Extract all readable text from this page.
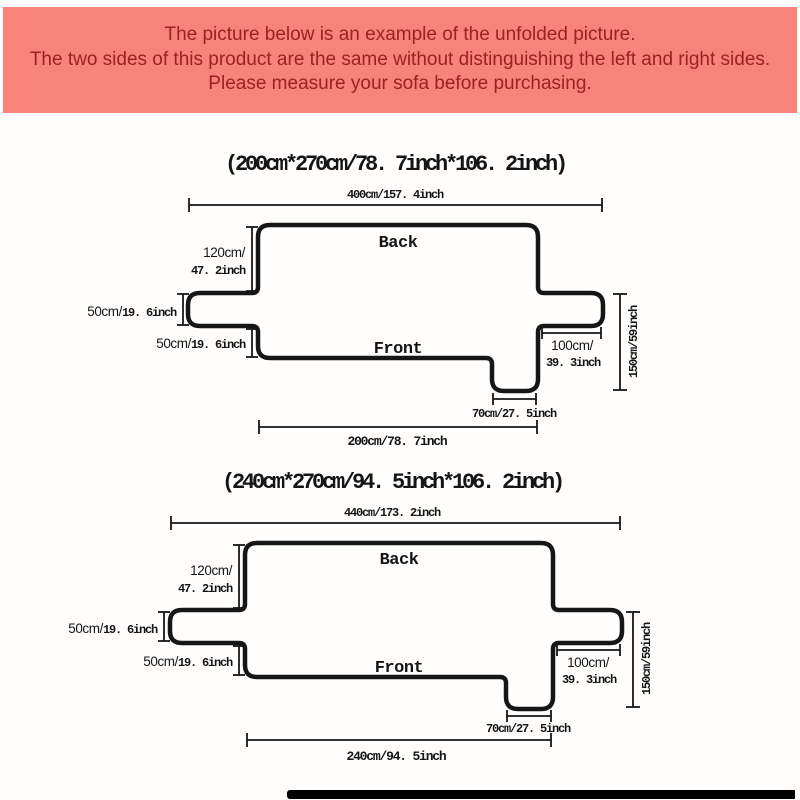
The picture below is an example of the unfolded picture.
The two sides of this product are the same without distinguishing the left and right sides.
Please measure your sofa before purchasing.
(200cm*270cm/78. 7inch*106. 2inch)
400cm/157. 4inch
Back
Front
120cm/
47. 2inch
50cm/19. 6inch
50cm/19. 6inch	100cm/
39. 3inch 150cm/59inch
70cm/27. 5inch
200cm/78. 7inch
(240cm*270cm/94. 5inch*106. 2inch)
440cm/173. 2inch
Back
Front
120cm/
47. 2inch
50cm/19. 6inch
50cm/19. 6inch	100cm/
39. 3inch 150cm/59inch
70cm/27. 5inch
240cm/94. 5inch
